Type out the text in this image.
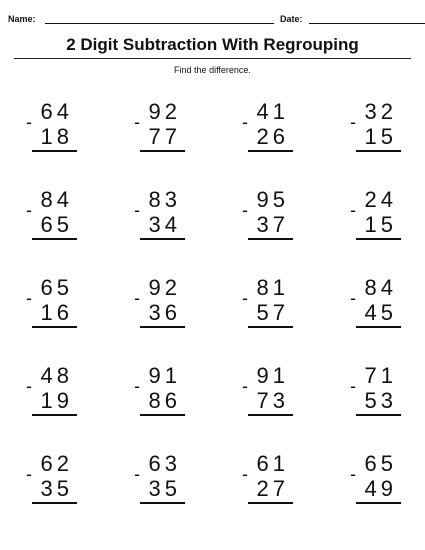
Name:	Date:
2 Digit Subtraction With Regrouping
Find the difference.
64
-
18
92
-
77
41
-
26
32
-
15
84
-
65
83
-
34
95
-
37
24
-
15
65
-
16
92
-
36
81
-
57
84
-
45
48
-
19
91
-
86
91
-
73
71
-
53
62
-
35
63
-
35
61
-
27
65
-
49
